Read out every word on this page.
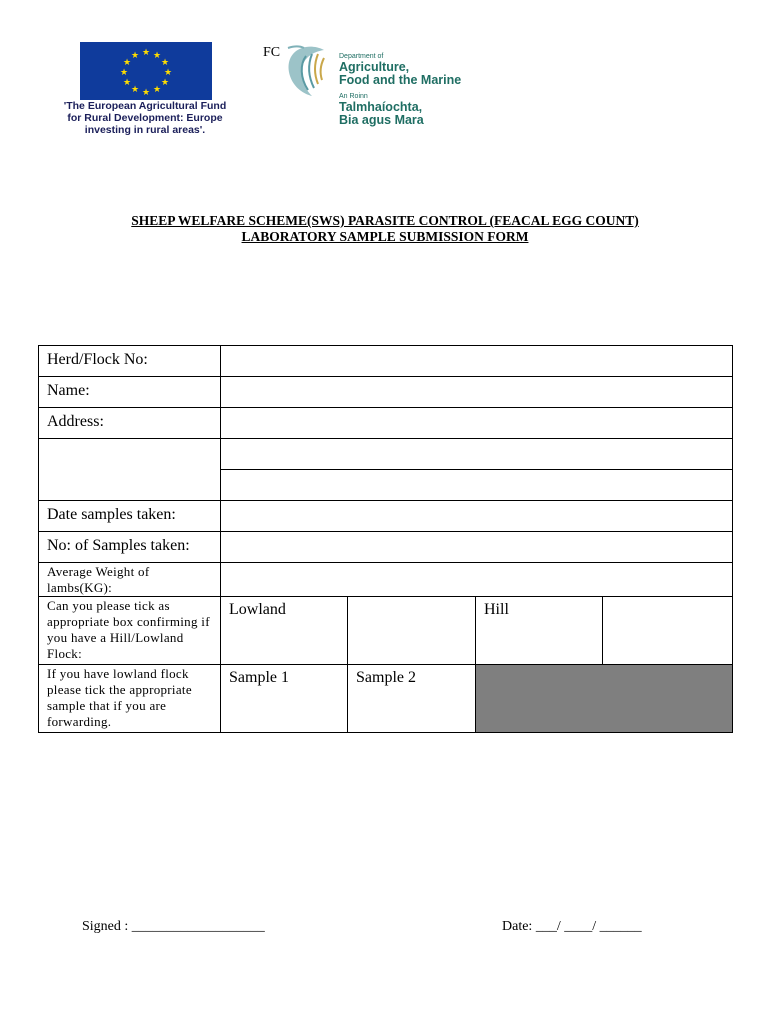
★ ★
★
★
★
★
★
★
★
★
★
★
'The European Agricultural Fund
for Rural Development: Europe
investing in rural areas'.
FC	Department of
Agriculture,
Food and the Marine
An Roinn
Talmhaíochta,
Bia agus Mara
SHEEP WELFARE SCHEME(SWS) PARASITE CONTROL (FEACAL EGG COUNT)
LABORATORY SAMPLE SUBMISSION FORM
Herd/Flock No:				
Name:				
Address:				

Date samples taken:				
No: of Samples taken:				
Average Weight of lambs(KG):				
Can you please tick as appropriate box confirming if you have a Hill/Lowland Flock:	Lowland		Hill	
If you have lowland flock please tick the appropriate sample that if you are forwarding.	Sample 1	Sample 2		
Signed : ___________________	Date: ___/ ____/ ______
